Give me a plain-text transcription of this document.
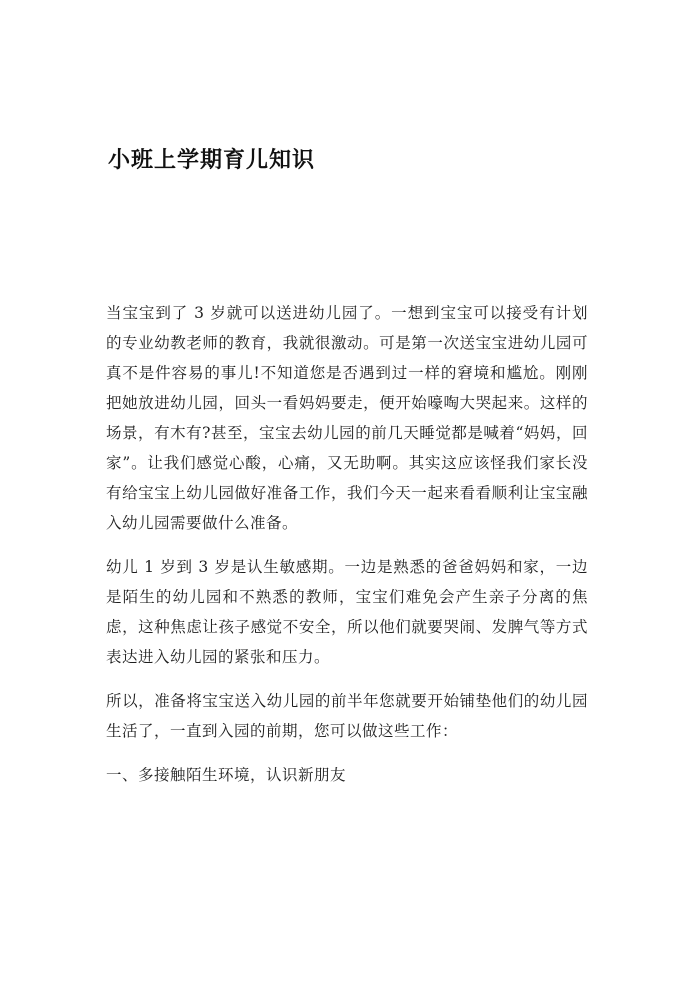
小班上学期育儿知识

当宝宝到了 3 岁就可以送进幼儿园了。一想到宝宝可以接受有计划的专业幼教老师的教育，我就很激动。可是第一次送宝宝进幼儿园可真不是件容易的事儿!不知道您是否遇到过一样的窘境和尴尬。刚刚把她放进幼儿园，回头一看妈妈要走，便开始嚎啕大哭起来。这样的场景，有木有?甚至，宝宝去幼儿园的前几天睡觉都是喊着“妈妈，回家”。让我们感觉心酸，心痛，又无助啊。其实这应该怪我们家长没有给宝宝上幼儿园做好准备工作，我们今天一起来看看顺利让宝宝融入幼儿园需要做什么准备。

幼儿 1 岁到 3 岁是认生敏感期。一边是熟悉的爸爸妈妈和家，一边是陌生的幼儿园和不熟悉的教师，宝宝们难免会产生亲子分离的焦虑，这种焦虑让孩子感觉不安全，所以他们就要哭闹、发脾气等方式表达进入幼儿园的紧张和压力。

所以，准备将宝宝送入幼儿园的前半年您就要开始铺垫他们的幼儿园生活了，一直到入园的前期，您可以做这些工作：

一、多接触陌生环境，认识新朋友
